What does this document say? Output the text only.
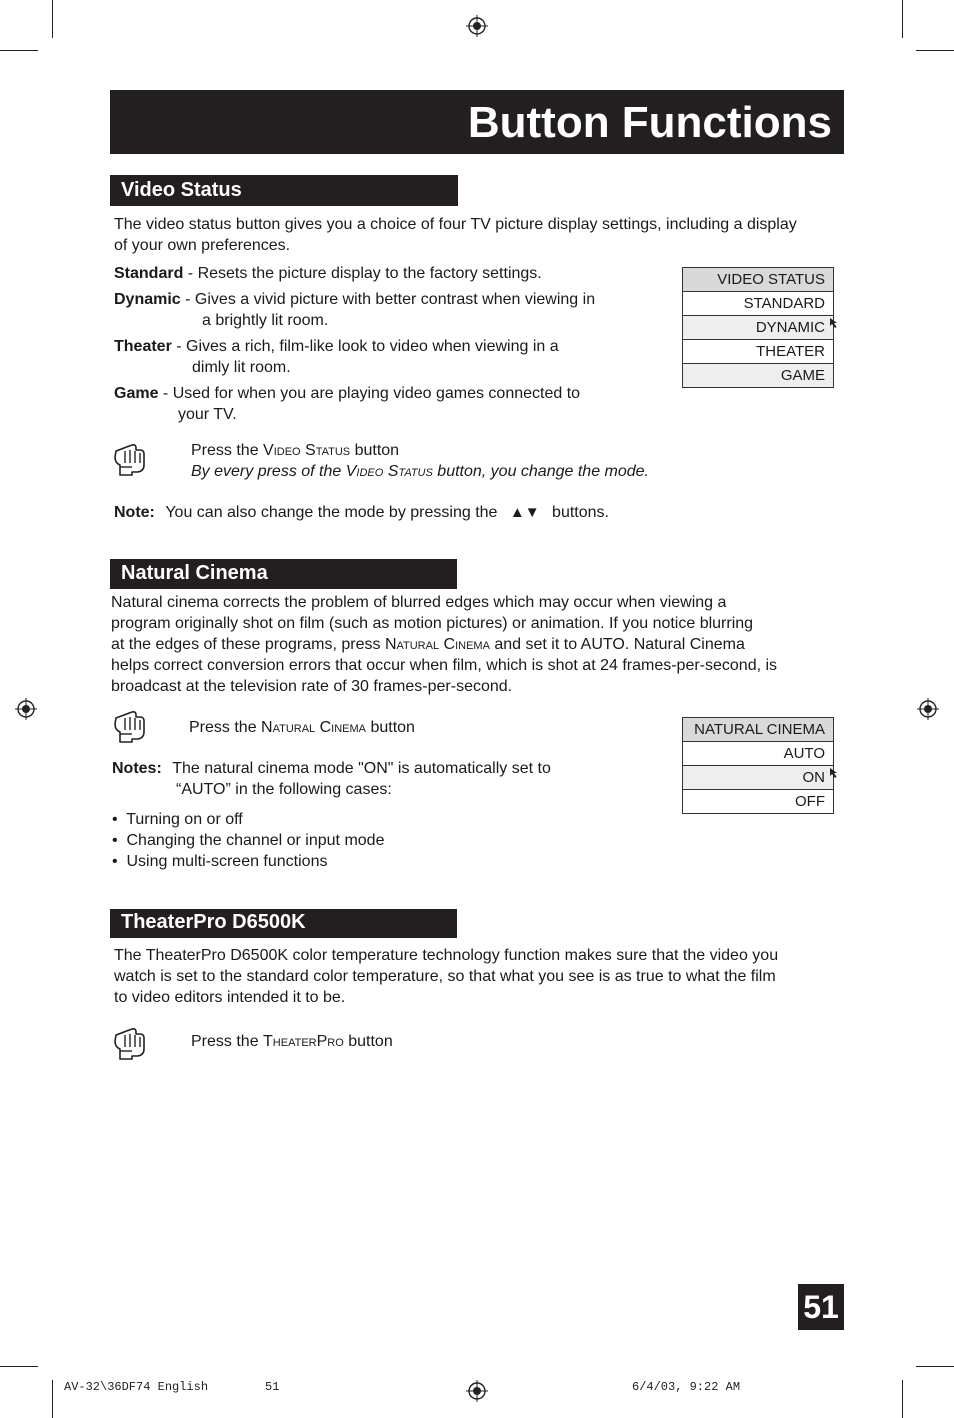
Button Functions
Video Status
The video status button gives you a choice of four TV picture display settings, including a display of your own preferences.
Standard - Resets the picture display to the factory settings.
Dynamic - Gives a vivid picture with better contrast when viewing in
a brightly lit room.
Theater - Gives a rich, film-like look to video when viewing in a
dimly lit room.
Game - Used for when you are playing video games connected to
your TV.
VIDEO STATUS
STANDARD
DYNAMIC
THEATER
GAME
Press the Video Status button
By every press of the Video Status button, you change the mode.
Note: You can also change the mode by pressing the ▲▼ buttons.
Natural Cinema
Natural cinema corrects the problem of blurred edges which may occur when viewing a
program originally shot on film (such as motion pictures) or animation. If you notice blurring
at the edges of these programs, press Natural Cinema and set it to AUTO. Natural Cinema
helps correct conversion errors that occur when film, which is shot at 24 frames-per-second, is
broadcast at the television rate of 30 frames-per-second.
Press the Natural Cinema button	NATURAL CINEMA
AUTO
ON
OFF
Notes: The natural cinema mode "ON" is automatically set to
“AUTO” in the following cases:
•  Turning on or off
•  Changing the channel or input mode
•  Using multi-screen functions
TheaterPro D6500K
The TheaterPro D6500K color temperature technology function makes sure that the video you
watch is set to the standard color temperature, so that what you see is as true to what the film
to video editors intended it to be.
Press the TheaterPro button
51
AV-32\36DF74 English	51	6/4/03, 9:22 AM
